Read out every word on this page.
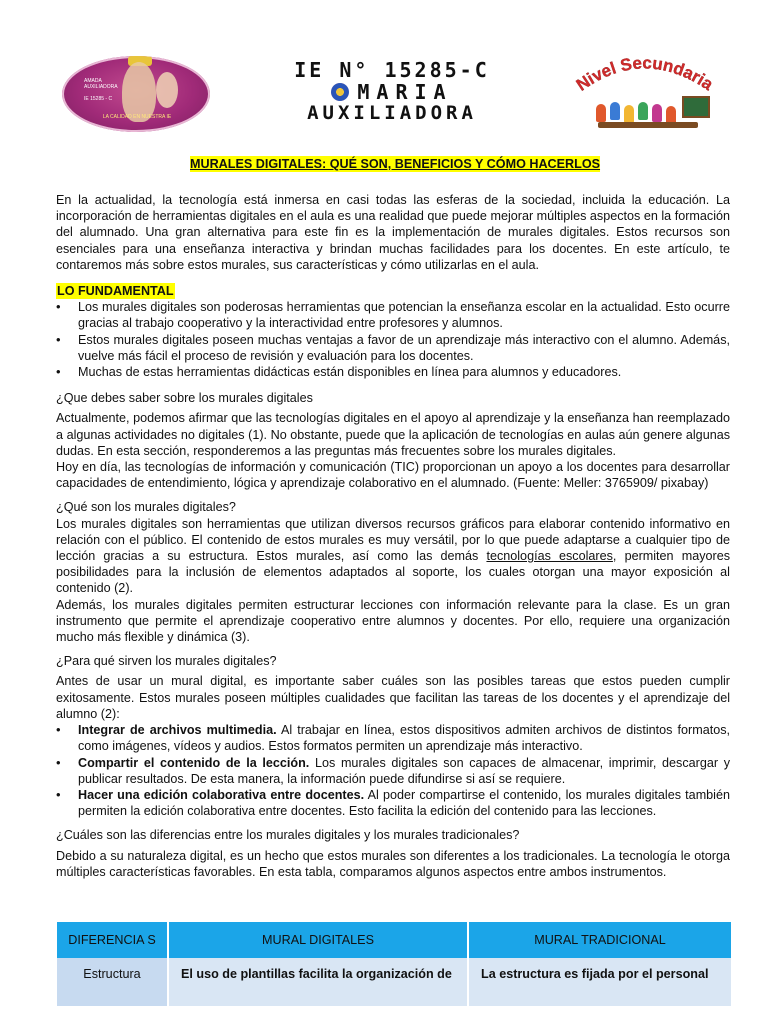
AMADA AUXILIADORA
IE 15285 - C
LA CALIDAD EN NUESTRA IE
IE N° 15285-C
MARIA
AUXILIADORA
Nivel Secundaria
MURALES DIGITALES: QUÉ SON, BENEFICIOS Y CÓMO HACERLOS

En la actualidad, la tecnología está inmersa en casi todas las esferas de la sociedad, incluida la educación. La incorporación de herramientas digitales en el aula es una realidad que puede mejorar múltiples aspectos en la formación del alumnado. Una gran alternativa para este fin es la implementación de murales digitales. Estos recursos son esenciales para una enseñanza interactiva y brindan muchas facilidades para los docentes. En este artículo, te contaremos más sobre estos murales, sus características y cómo utilizarlas en el aula.

LO FUNDAMENTAL
• Los murales digitales son poderosas herramientas que potencian la enseñanza escolar en la actualidad. Esto ocurre gracias al trabajo cooperativo y la interactividad entre profesores y alumnos.
• Estos murales digitales poseen muchas ventajas a favor de un aprendizaje más interactivo con el alumno. Además, vuelve más fácil el proceso de revisión y evaluación para los docentes.
• Muchas de estas herramientas didácticas están disponibles en línea para alumnos y educadores.

¿Que debes saber sobre los murales digitales

Actualmente, podemos afirmar que las tecnologías digitales en el apoyo al aprendizaje y la enseñanza han reemplazado a algunas actividades no digitales (1). No obstante, puede que la aplicación de tecnologías en aulas aún genere algunas dudas. En esta sección, responderemos a las preguntas más frecuentes sobre los murales digitales.

Hoy en día, las tecnologías de información y comunicación (TIC) proporcionan un apoyo a los docentes para desarrollar capacidades de entendimiento, lógica y aprendizaje colaborativo en el alumnado. (Fuente: Meller: 3765909/ pixabay)

¿Qué son los murales digitales?

Los murales digitales son herramientas que utilizan diversos recursos gráficos para elaborar contenido informativo en relación con el público. El contenido de estos murales es muy versátil, por lo que puede adaptarse a cualquier tipo de lección gracias a su estructura. Estos murales, así como las demás tecnologías escolares, permiten mayores posibilidades para la inclusión de elementos adaptados al soporte, los cuales otorgan una mayor exposición al contenido (2).

Además, los murales digitales permiten estructurar lecciones con información relevante para la clase. Es un gran instrumento que permite el aprendizaje cooperativo entre alumnos y docentes. Por ello, requiere una organización mucho más flexible y dinámica (3).

¿Para qué sirven los murales digitales?

Antes de usar un mural digital, es importante saber cuáles son las posibles tareas que estos pueden cumplir exitosamente. Estos murales poseen múltiples cualidades que facilitan las tareas de los docentes y el aprendizaje del alumno (2):

• Integrar de archivos multimedia. Al trabajar en línea, estos dispositivos admiten archivos de distintos formatos, como imágenes, vídeos y audios. Estos formatos permiten un aprendizaje más interactivo.
• Compartir el contenido de la lección. Los murales digitales son capaces de almacenar, imprimir, descargar y publicar resultados. De esta manera, la información puede difundirse si así se requiere.
• Hacer una edición colaborativa entre docentes. Al poder compartirse el contenido, los murales digitales también permiten la edición colaborativa entre docentes. Esto facilita la edición del contenido para las lecciones.

¿Cuáles son las diferencias entre los murales digitales y los murales tradicionales?

Debido a su naturaleza digital, es un hecho que estos murales son diferentes a los tradicionales. La tecnología le otorga múltiples características favorables. En esta tabla, comparamos algunos aspectos entre ambos instrumentos.

DIFERENCIA S	MURAL DIGITALES	MURAL TRADICIONAL
Estructura	El uso de plantillas facilita la organización de	La estructura es fijada por el personal
